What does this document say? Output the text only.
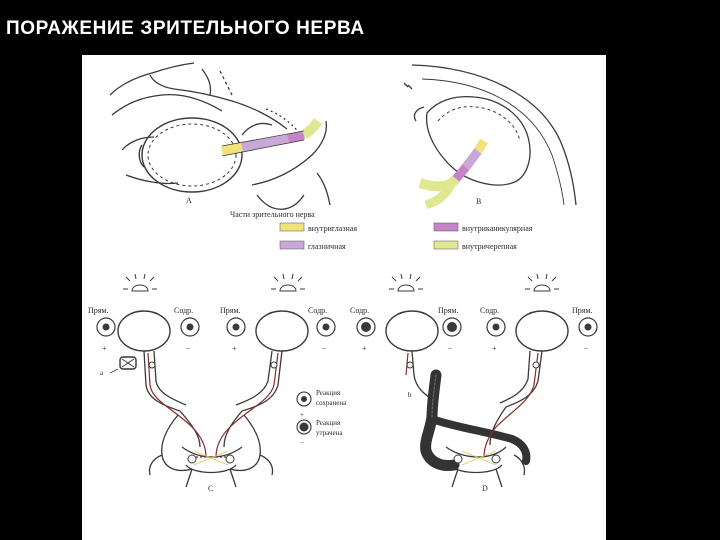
ПОРАЖЕНИЕ ЗРИТЕЛЬНОГО НЕРВА
А	В
Части зрительного нерва
внутриглазная
глазничная
внутриканикулярная
внутричерепная
Прям.	Содр.	Прям.	Содр.	Содр.	Прям.	Содр.	Прям.
+	−	+	−	+	−	+	−
а
С
+
Реакция
сохранена
−
Реакция
утрачена
b
D
